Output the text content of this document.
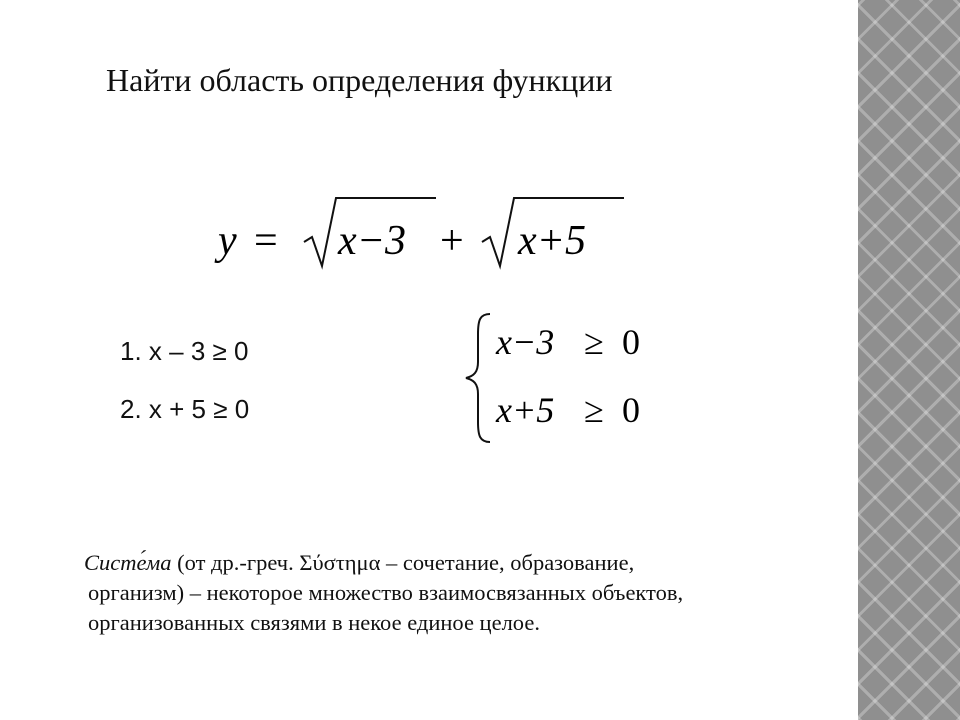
Найти область определения функции
y = x−3 + x+5
1. x – 3 ≥ 0
2. x + 5 ≥ 0
x−3 ≥ 0
x+5 ≥ 0
Систе́ма (от др.-греч. Σύστημα – сочетание, образование,
организм) – некоторое множество взаимосвязанных объектов,
организованных связями в некое единое целое.
